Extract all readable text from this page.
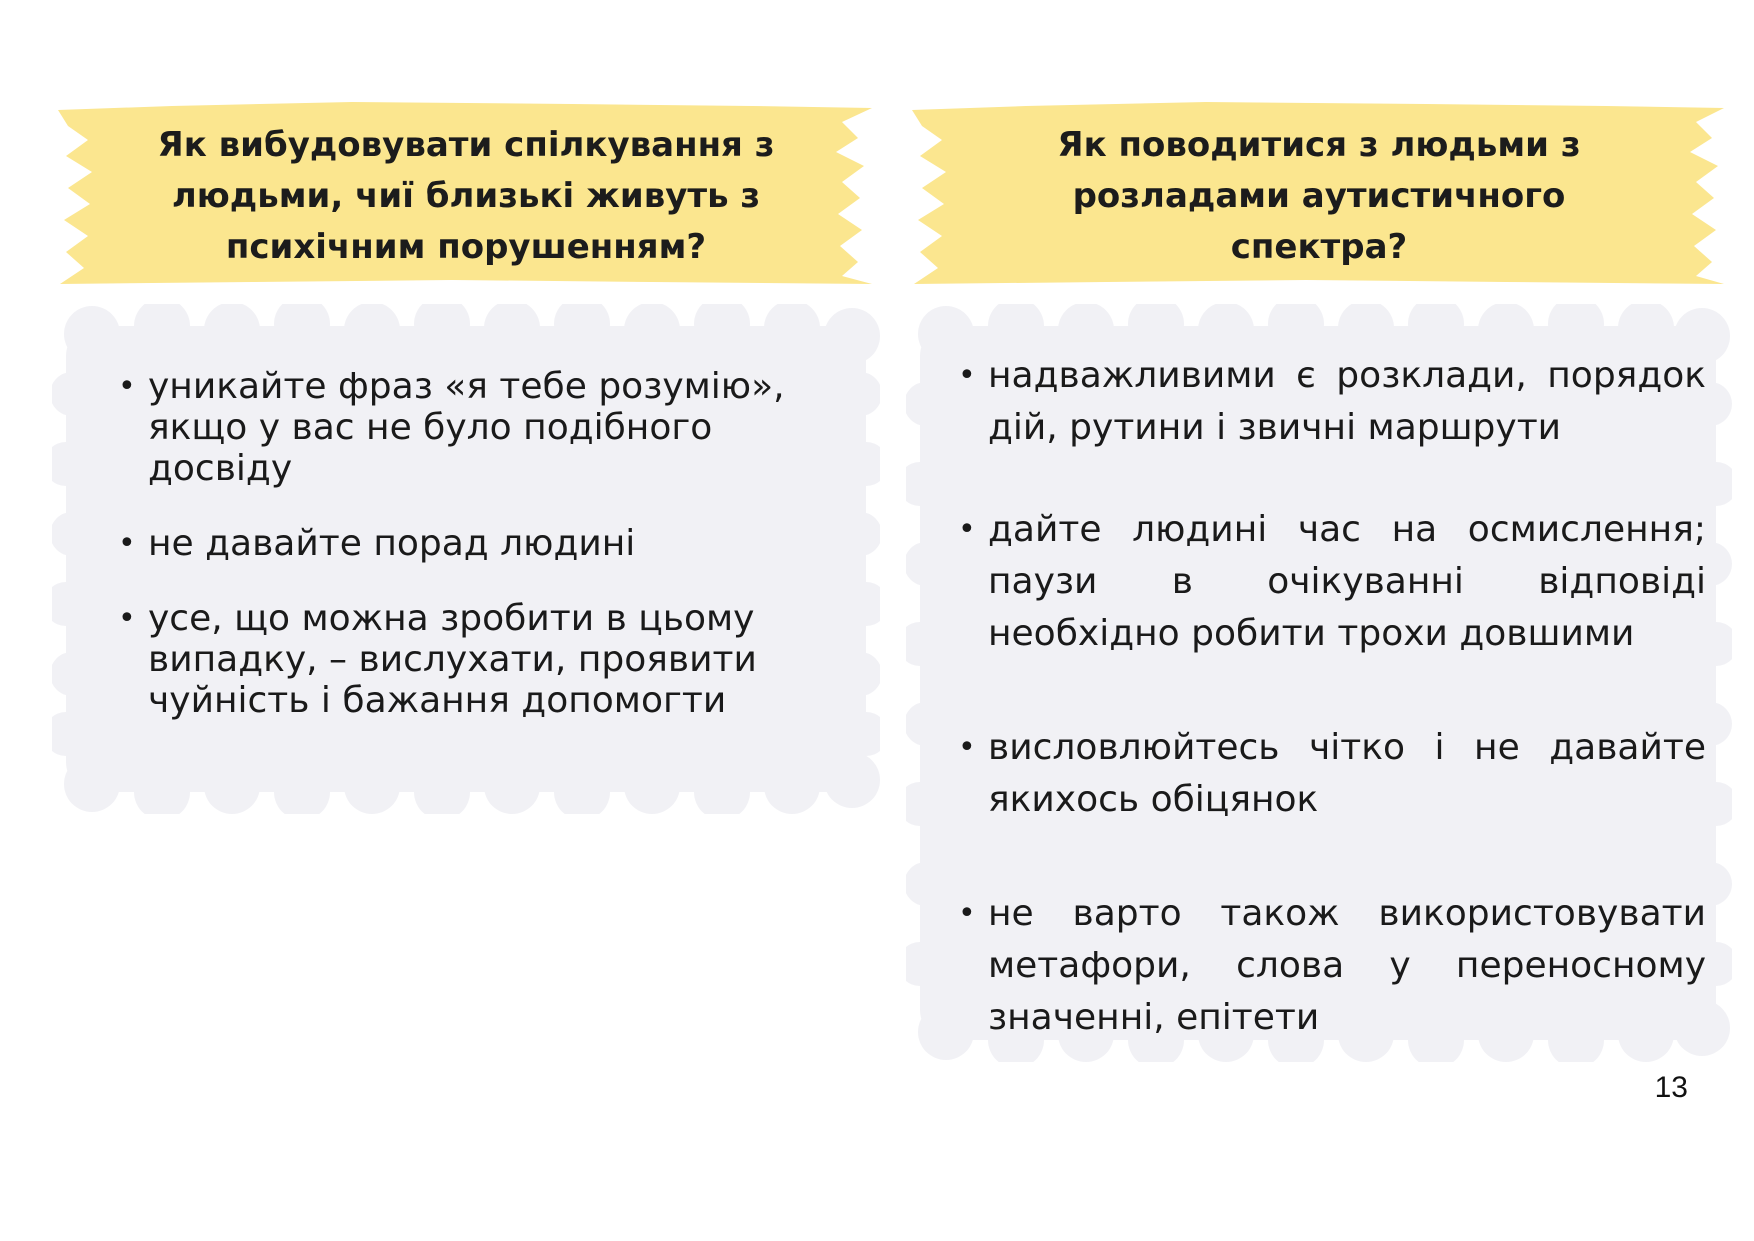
Як вибудовувати спілкування з людьми, чиї близькі живуть з психічним порушенням?
• уникайте фраз «я тебе розумію», якщо у вас не було подібного досвіду
• не давайте порад людині
• усе, що можна зробити в цьому випадку, – вислухати, проявити чуйність і бажання допомогти
Як поводитися з людьми з розладами аутистичного спектра?
• надважливими є розклади, порядок дій, рутини і звичні маршрути
• дайте людині час на осмислення; паузи в очікуванні відповіді необхідно робити трохи довшими
• висловлюйтесь чітко і не давайте якихось обіцянок
• не варто також використовувати метафори, слова у переносному значенні, епітети
13
